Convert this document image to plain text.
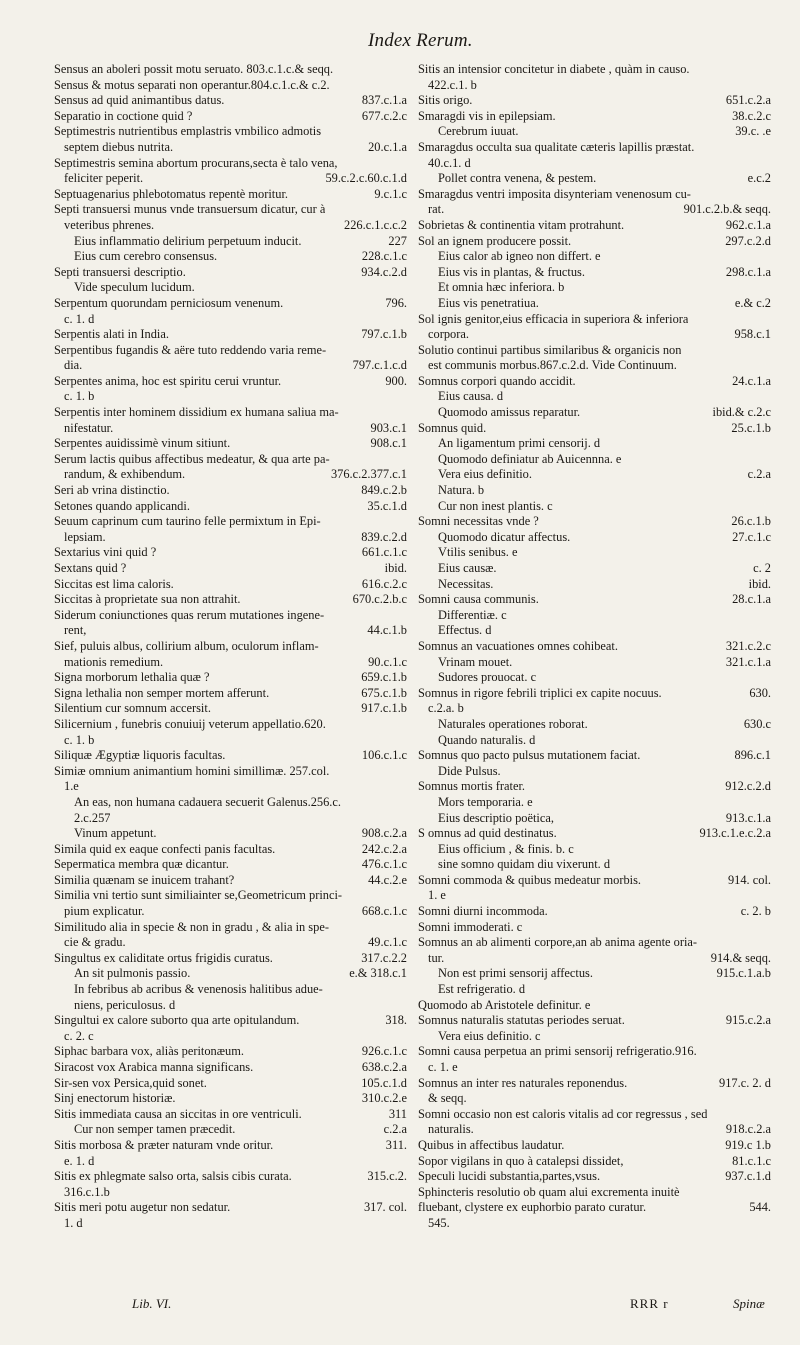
Index Rerum.
Sensus an aboleri possit motu seruato. 803.c.1.c.& seqq.
Sensus & motus separati non operantur.804.c.1.c.& c.2.
Sensus ad quid animantibus datus.	837.c.1.a
Separatio in coctione quid ?	677.c.2.c
Septimestris nutrientibus emplastris vmbilico admotis
septem diebus nutrita.	20.c.1.a
Septimestris semina abortum procurans,secta è talo vena,
feliciter peperit.	59.c.2.c.60.c.1.d
Septuagenarius phlebotomatus repentè moritur.	9.c.1.c
Septi transuersi munus vnde transuersum dicatur, cur à
veteribus phrenes.	226.c.1.c.c.2
Eius inflammatio delirium perpetuum inducit.	227
Eius cum cerebro consensus.	228.c.1.c
Septi transuersi descriptio.	934.c.2.d
Vide speculum lucidum.
Serpentum quorundam perniciosum venenum.	796.
c. 1. d
Serpentis alati in India.	797.c.1.b
Serpentibus fugandis & aëre tuto reddendo varia reme-
dia.	797.c.1.c.d
Serpentes anima, hoc est spiritu cerui vruntur.	900.
c. 1. b
Serpentis inter hominem dissidium ex humana saliua ma-
nifestatur.	903.c.1
Serpentes auidissimè vinum sitiunt.	908.c.1
Serum lactis quibus affectibus medeatur, & qua arte pa-
randum, & exhibendum.	376.c.2.377.c.1
Seri ab vrina distinctio.	849.c.2.b
Setones quando applicandi.	35.c.1.d
Seuum caprinum cum taurino felle permixtum in Epi-
lepsiam.	839.c.2.d
Sextarius vini quid ?	661.c.1.c
Sextans quid ?	ibid.
Siccitas est lima caloris.	616.c.2.c
Siccitas à proprietate sua non attrahit.	670.c.2.b.c
Siderum coniunctiones quas rerum mutationes ingene-
rent,	44.c.1.b
Sief, puluis albus, collirium album, oculorum inflam-
mationis remedium.	90.c.1.c
Signa morborum lethalia quæ ?	659.c.1.b
Signa lethalia non semper mortem afferunt.	675.c.1.b
Silentium cur somnum accersit.	917.c.1.b
Silicernium , funebris conuiuij veterum appellatio.620.
c. 1. b
Siliquæ Ægyptiæ liquoris facultas.	106.c.1.c
Simiæ omnium animantium homini simillimæ. 257.col.
1.e
An eas, non humana cadauera secuerit Galenus.256.c.
2.c.257
Vinum appetunt.	908.c.2.a
Simila quid ex eaque confecti panis facultas.	242.c.2.a
Sepermatica membra quæ dicantur.	476.c.1.c
Similia quænam se inuicem trahant?	44.c.2.e
Similia vni tertio sunt similiainter se,Geometricum princi-
pium explicatur.	668.c.1.c
Similitudo alia in specie & non in gradu , & alia in spe-
cie & gradu.	49.c.1.c
Singultus ex caliditate ortus frigidis curatus.	317.c.2.2
An sit pulmonis passio.	e.& 318.c.1
In febribus ab acribus & venenosis halitibus adue-
niens, periculosus. d
Singultui ex calore suborto qua arte opitulandum.	318.
c. 2. c
Siphac barbara vox, aliàs peritonæum.	926.c.1.c
Siracost vox Arabica manna significans.	638.c.2.a
Sir-sen vox Persica,quid sonet.	105.c.1.d
Sinj enectorum historiæ.	310.c.2.e
Sitis immediata causa an siccitas in ore ventriculi.	311
Cur non semper tamen præcedit.	c.2.a
Sitis morbosa & præter naturam vnde oritur.	311.
e. 1. d
Sitis ex phlegmate salso orta, salsis cibis curata.	315.c.2.
316.c.1.b
Sitis meri potu augetur non sedatur.	317. col.
1. d
Sitis an intensior concitetur in diabete , quàm in causo.
422.c.1. b
Sitis origo.	651.c.2.a
Smaragdi vis in epilepsiam.	38.c.2.c
Cerebrum iuuat.	39.c. .e
Smaragdus occulta sua qualitate cæteris lapillis præstat.
40.c.1. d
Pollet contra venena, & pestem.	e.c.2
Smaragdus ventri imposita disynteriam venenosum cu-
rat.	901.c.2.b.& seqq.
Sobrietas & continentia vitam protrahunt.	962.c.1.a
Sol an ignem producere possit.	297.c.2.d
Eius calor ab igneo non differt. e
Eius vis in plantas, & fructus.	298.c.1.a
Et omnia hæc inferiora. b
Eius vis penetratiua.	e.& c.2
Sol ignis genitor,eius efficacia in superiora & inferiora
corpora.	958.c.1
Solutio continui partibus similaribus & organicis non
est communis morbus.867.c.2.d. Vide Continuum.
Somnus corpori quando accidit.	24.c.1.a
Eius causa. d
Quomodo amissus reparatur.	ibid.& c.2.c
Somnus quid.	25.c.1.b
An ligamentum primi censorij. d
Quomodo definiatur ab Auicennna. e
Vera eius definitio.	c.2.a
Natura. b
Cur non inest plantis. c
Somni necessitas vnde ?	26.c.1.b
Quomodo dicatur affectus.	27.c.1.c
Vtilis senibus. e
Eius causæ.	c. 2
Necessitas.	ibid.
Somni causa communis.	28.c.1.a
Differentiæ. c
Effectus. d
Somnus an vacuationes omnes cohibeat.	321.c.2.c
Vrinam mouet.	321.c.1.a
Sudores prouocat. c
Somnus in rigore febrili triplici ex capite nocuus.	630.
c.2.a. b
Naturales operationes roborat.	630.c
Quando naturalis. d
Somnus quo pacto pulsus mutationem faciat.	896.c.1
Dide Pulsus.
Somnus mortis frater.	912.c.2.d
Mors temporaria. e
Eius descriptio poëtica,	913.c.1.a
S omnus ad quid destinatus.	913.c.1.e.c.2.a
Eius officium , & finis. b. c
sine somno quidam diu vixerunt. d
Somni commoda & quibus medeatur morbis.	914. col.
1. e
Somni diurni incommoda.	c. 2. b
Somni immoderati. c
Somnus an ab alimenti corpore,an ab anima agente oria-
tur.	914.& seqq.
Non est primi sensorij affectus.	915.c.1.a.b
Est refrigeratio. d
Quomodo ab Aristotele definitur. e
Somnus naturalis statutas periodes seruat.	915.c.2.a
Vera eius definitio. c
Somni causa perpetua an primi sensorij refrigeratio.916.
c. 1. e
Somnus an inter res naturales reponendus.	917.c. 2. d
& seqq.
Somni occasio non est caloris vitalis ad cor regressus , sed
naturalis.	918.c.2.a
Quibus in affectibus laudatur.	919.c 1.b
Sopor vigilans in quo à catalepsi dissidet,	81.c.1.c
Speculi lucidi substantia,partes,vsus.	937.c.1.d
Sphincteris resolutio ob quam alui excrementa inuitè
fluebant, clystere ex euphorbio parato curatur.	544.
545.
Lib. VI.	RRR r	Spinæ
